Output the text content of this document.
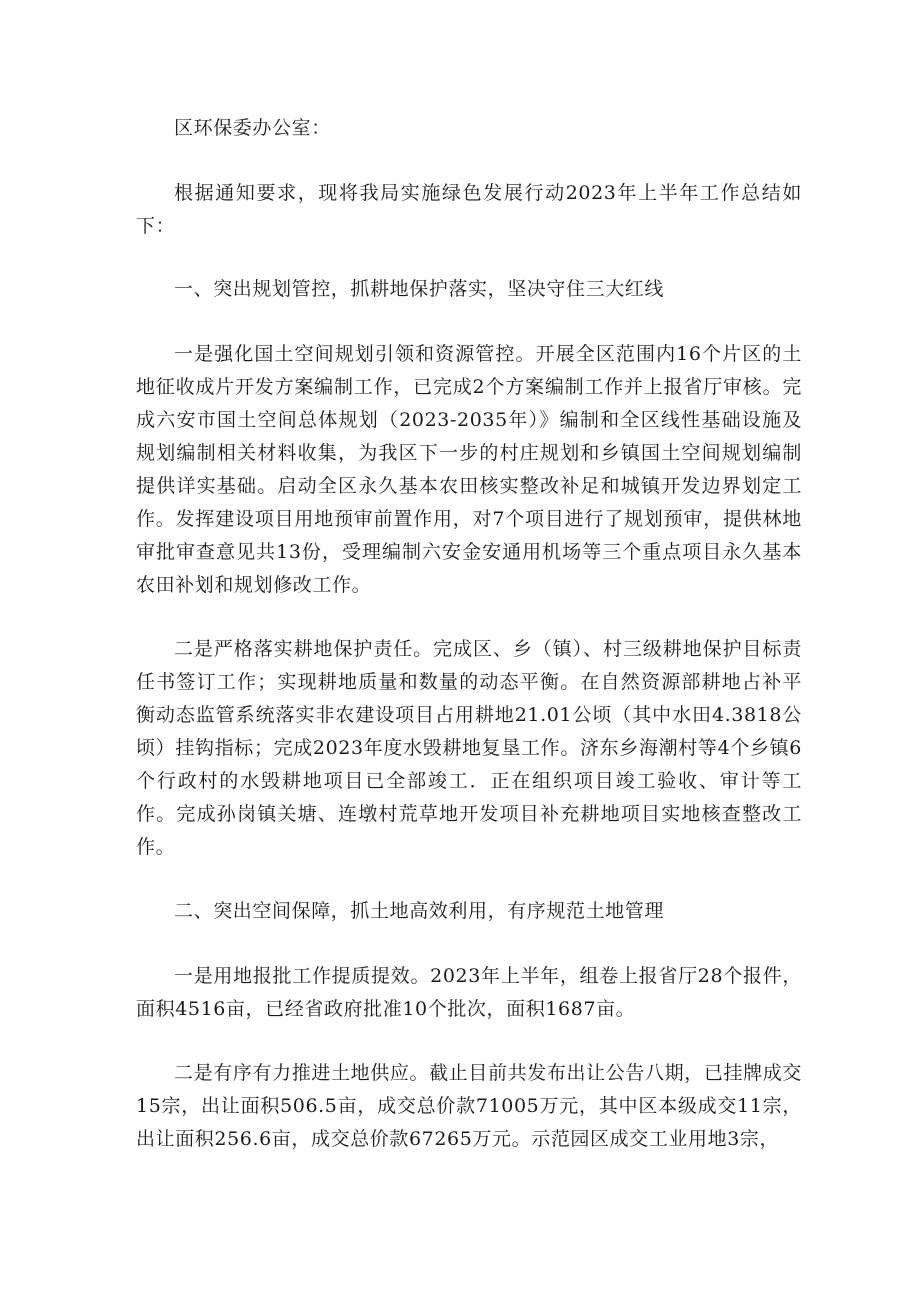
区环保委办公室：

根据通知要求，现将我局实施绿色发展行动2023年上半年工作总结如下：

一、突出规划管控，抓耕地保护落实，坚决守住三大红线

一是强化国土空间规划引领和资源管控。开展全区范围内16个片区的土地征收成片开发方案编制工作，已完成2个方案编制工作并上报省厅审核。完成六安市国土空间总体规划（2023-2035年）》编制和全区线性基础设施及规划编制相关材料收集，为我区下一步的村庄规划和乡镇国土空间规划编制提供详实基础。启动全区永久基本农田核实整改补足和城镇开发边界划定工作。发挥建设项目用地预审前置作用，对7个项目进行了规划预审，提供林地审批审查意见共13份，受理编制六安金安通用机场等三个重点项目永久基本农田补划和规划修改工作。

二是严格落实耕地保护责任。完成区、乡（镇）、村三级耕地保护目标责任书签订工作；实现耕地质量和数量的动态平衡。在自然资源部耕地占补平衡动态监管系统落实非农建设项目占用耕地21.01公顷（其中水田4.3818公顷）挂钩指标；完成2023年度水毁耕地复垦工作。济东乡海潮村等4个乡镇6个行政村的水毁耕地项目已全部竣工．正在组织项目竣工验收、审计等工作。完成孙岗镇关塘、连墩村荒草地开发项目补充耕地项目实地核查整改工作。

二、突出空间保障，抓土地高效利用，有序规范土地管理

一是用地报批工作提质提效。2023年上半年，组卷上报省厅28个报件，面积4516亩，已经省政府批准10个批次，面积1687亩。

二是有序有力推进土地供应。截止目前共发布出让公告八期，已挂牌成交15宗，出让面积506.5亩，成交总价款71005万元，其中区本级成交11宗，出让面积256.6亩，成交总价款67265万元。示范园区成交工业用地3宗，
